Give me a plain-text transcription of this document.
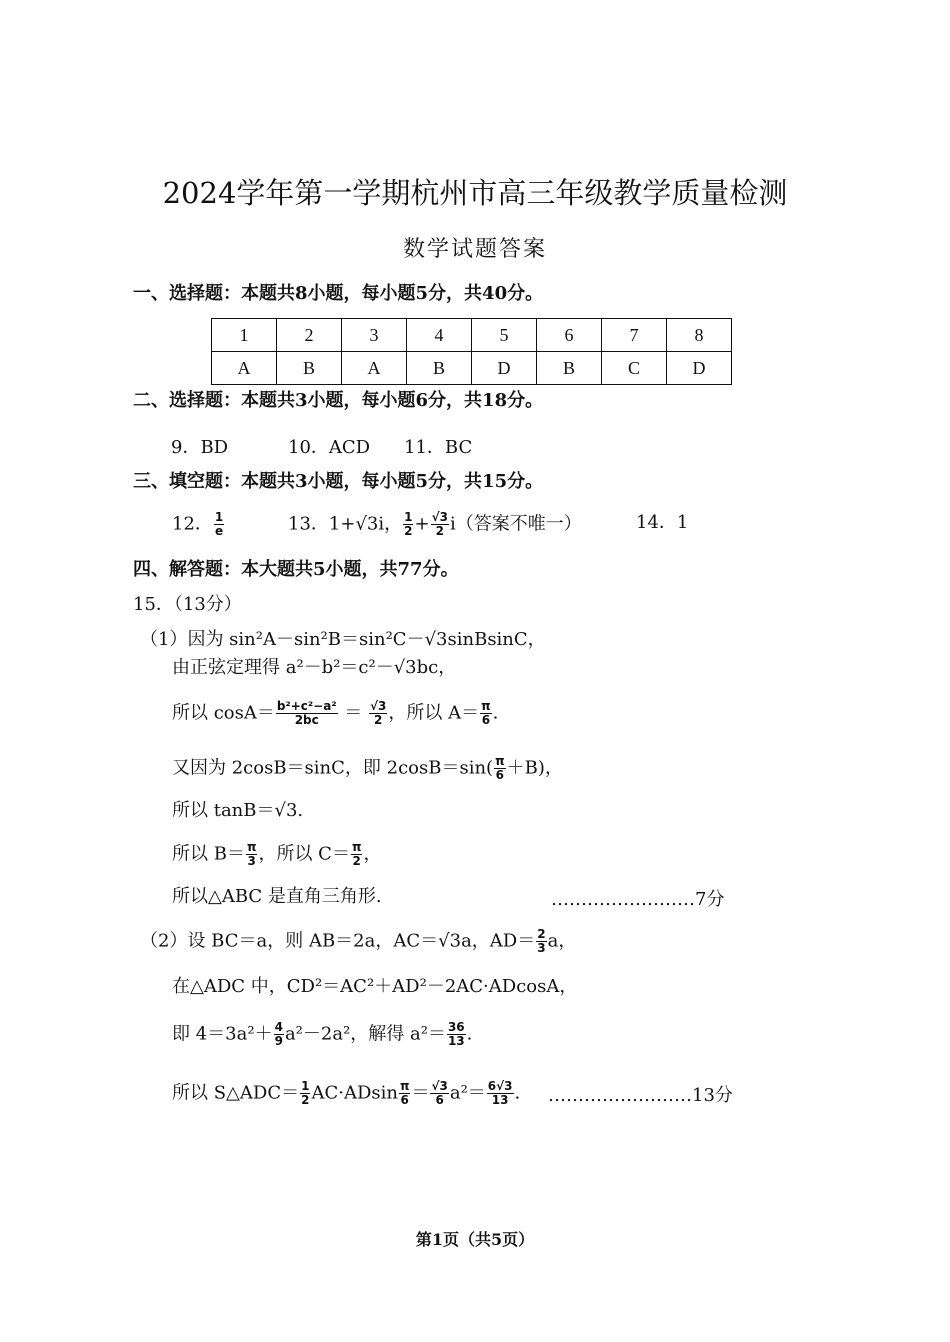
2024学年第一学期杭州市高三年级教学质量检测
数学试题答案
一、选择题：本题共8小题，每小题5分，共40分。
1	2	3	4	5	6	7	8
A	B	A	B	D	B	C	D
二、选择题：本题共3小题，每小题6分，共18分。
9．BD	10．ACD 11．BC
三、填空题：本题共3小题，每小题5分，共15分。
12． $\frac{1}{e}$	13．1+√3i， $\frac{1}{2} + \frac{√3}{2} i$（答案不唯一）	14．1
四、解答题：本大题共5小题，共77分。
15．（13分）
（1）因为 sin²A－sin²B＝sin²C－√3sinBsinC，
由正弦定理得 a²－b²＝c²－√3bc，
所以 $\cos A= \frac{\text{b²+c²−a²}}{2bc} = \frac{√3}{2}$ ，所以 $A= \frac{\pi}{6}$ .
又因为 2cosB＝sinC，即 $2\cos B=\sin( \frac{\pi}{6} +B)$，
所以 tanB＝√3.
所以 $B= \frac{\pi}{3}$ ，所以 $C= \frac{\pi}{2}$ ，
所以△ABC 是直角三角形.	……………………7分
（2）设 BC＝a，则 AB＝2a，AC＝√3a，$AD= \frac{2}{3}$ a，
在△ADC 中，CD²＝AC²＋AD²－2AC·ADcosA，
即 $4=3a^2+ \frac{4}{9} a^2-2a^2$，解得 $a^2= \frac{36}{13}$ .
所以 S△ADC＝ $\frac{1}{2} AC\cdot ADsin \frac{\pi}{6} = \frac{√3}{6} a^2= \frac{6√3}{13}$ . ……………………13分
第1页（共5页）
